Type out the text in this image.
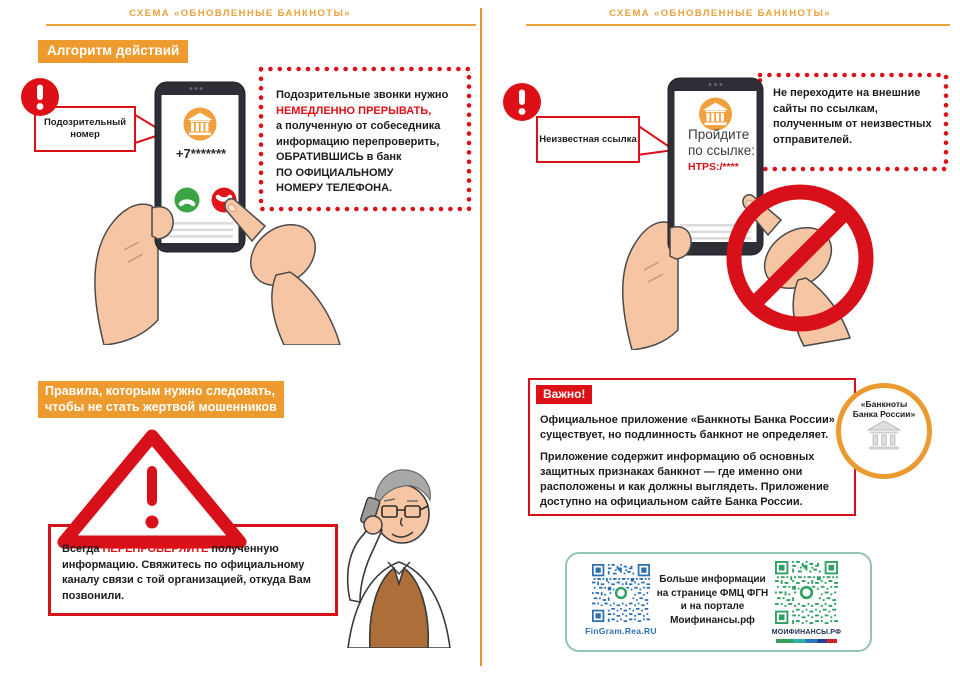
СХЕМА «ОБНОВЛЕННЫЕ БАНКНОТЫ»	СХЕМА «ОБНОВЛЕННЫЕ БАНКНОТЫ»
Алгоритм действий
Подозрительные звонки нужно
НЕМЕДЛЕННО ПРЕРЫВАТЬ,
а полученную от собеседника
информацию перепроверить,
ОБРАТИВШИСЬ в банк
ПО ОФИЦИАЛЬНОМУ
НОМЕРУ ТЕЛЕФОНА.
Подозрительный номер
+7*******
Правила, которым нужно следовать,
чтобы не стать жертвой мошенников
Всегда ПЕРЕПРОВЕРЯЙТЕ полученную информацию. Свяжитесь по официальному каналу связи с той организацией, откуда Вам позвонили.
Не переходите на внешние
сайты по ссылкам,
полученным от неизвестных
отправителей.
Неизвестная ссылка	Пройдите по ссылке:
HTPS:/****
Важно!
Официальное приложение «Банкноты Банка России» существует, но подлинность банкнот не определяет.
Приложение содержит информацию об основных защитных признаках банкнот — где именно они расположены и как должны выглядеть. Приложение доступно на официальном сайте Банка России.
«Банкноты Банка России»
FinGram.Rea.RU
Больше информации
на странице ФМЦ ФГН
и на портале
Моифинансы.рф
МОИФИНАНСЫ.РФ
